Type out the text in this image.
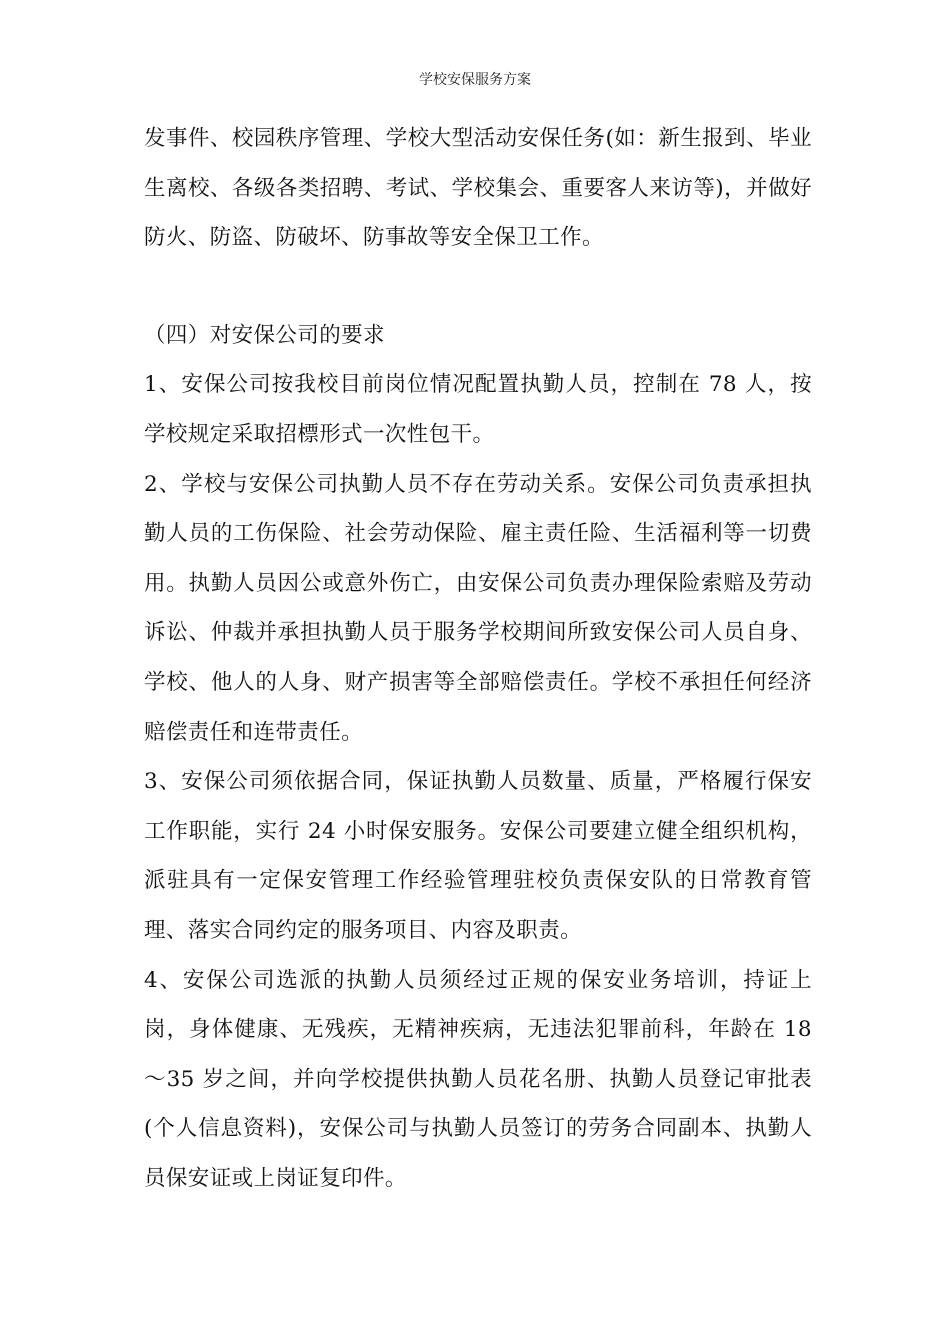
学校安保服务方案

发事件、校园秩序管理、学校大型活动安保任务(如：新生报到、毕业生离校、各级各类招聘、考试、学校集会、重要客人来访等)，并做好防火、防盗、防破坏、防事故等安全保卫工作。

（四）对安保公司的要求

1、安保公司按我校目前岗位情况配置执勤人员，控制在 78 人，按学校规定采取招標形式一次性包干。

2、学校与安保公司执勤人员不存在劳动关系。安保公司负责承担执勤人员的工伤保险、社会劳动保险、雇主责任险、生活福利等一切费用。执勤人员因公或意外伤亡，由安保公司负责办理保险索赔及劳动诉讼、仲裁并承担执勤人员于服务学校期间所致安保公司人员自身、学校、他人的人身、财产损害等全部赔偿责任。学校不承担任何经济赔偿责任和连带责任。

3、安保公司须依据合同，保证执勤人员数量、质量，严格履行保安工作职能，实行 24 小时保安服务。安保公司要建立健全组织机构，派驻具有一定保安管理工作经验管理驻校负责保安队的日常教育管理、落实合同约定的服务项目、内容及职责。

4、安保公司选派的执勤人员须经过正规的保安业务培训，持证上岗，身体健康、无残疾，无精神疾病，无违法犯罪前科，年龄在 18～35 岁之间，并向学校提供执勤人员花名册、执勤人员登记审批表(个人信息资料)，安保公司与执勤人员签订的劳务合同副本、执勤人员保安证或上岗证复印件。
